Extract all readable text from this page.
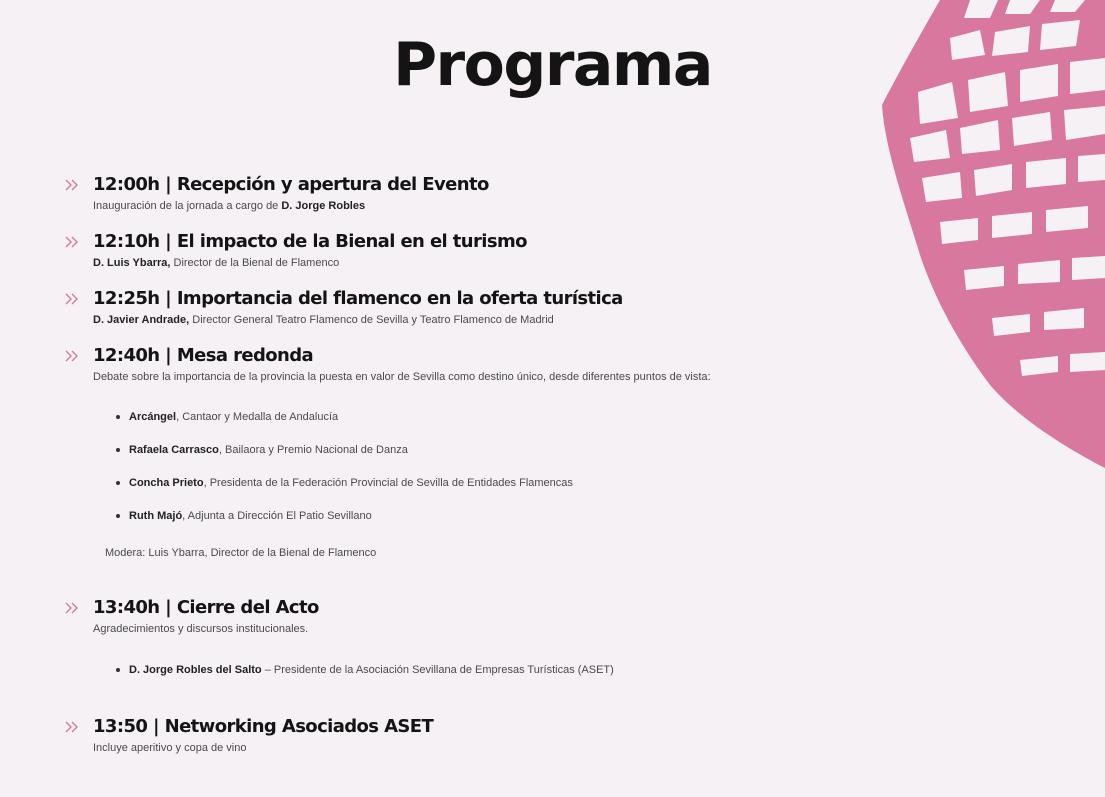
Programa
12:00h | Recepción y apertura del Evento

Inauguración de la jornada a cargo de D. Jorge Robles

12:10h | El impacto de la Bienal en el turismo

D. Luis Ybarra, Director de la Bienal de Flamenco

12:25h | Importancia del flamenco en la oferta turística

D. Javier Andrade, Director General Teatro Flamenco de Sevilla y Teatro Flamenco de Madrid

12:40h | Mesa redonda

Debate sobre la importancia de la provincia la puesta en valor de Sevilla como destino único, desde diferentes puntos de vista:

Arcángel, Cantaor y Medalla de Andalucía
Rafaela Carrasco, Bailaora y Premio Nacional de Danza
Concha Prieto, Presidenta de la Federación Provincial de Sevilla de Entidades Flamencas
Ruth Majó, Adjunta a Dirección El Patio Sevillano

Modera: Luis Ybarra, Director de la Bienal de Flamenco

13:40h | Cierre del Acto

Agradecimientos y discursos institucionales.

D. Jorge Robles del Salto – Presidente de la Asociación Sevillana de Empresas Turísticas (ASET)
13:50 | Networking Asociados ASET

Incluye aperitivo y copa de vino
